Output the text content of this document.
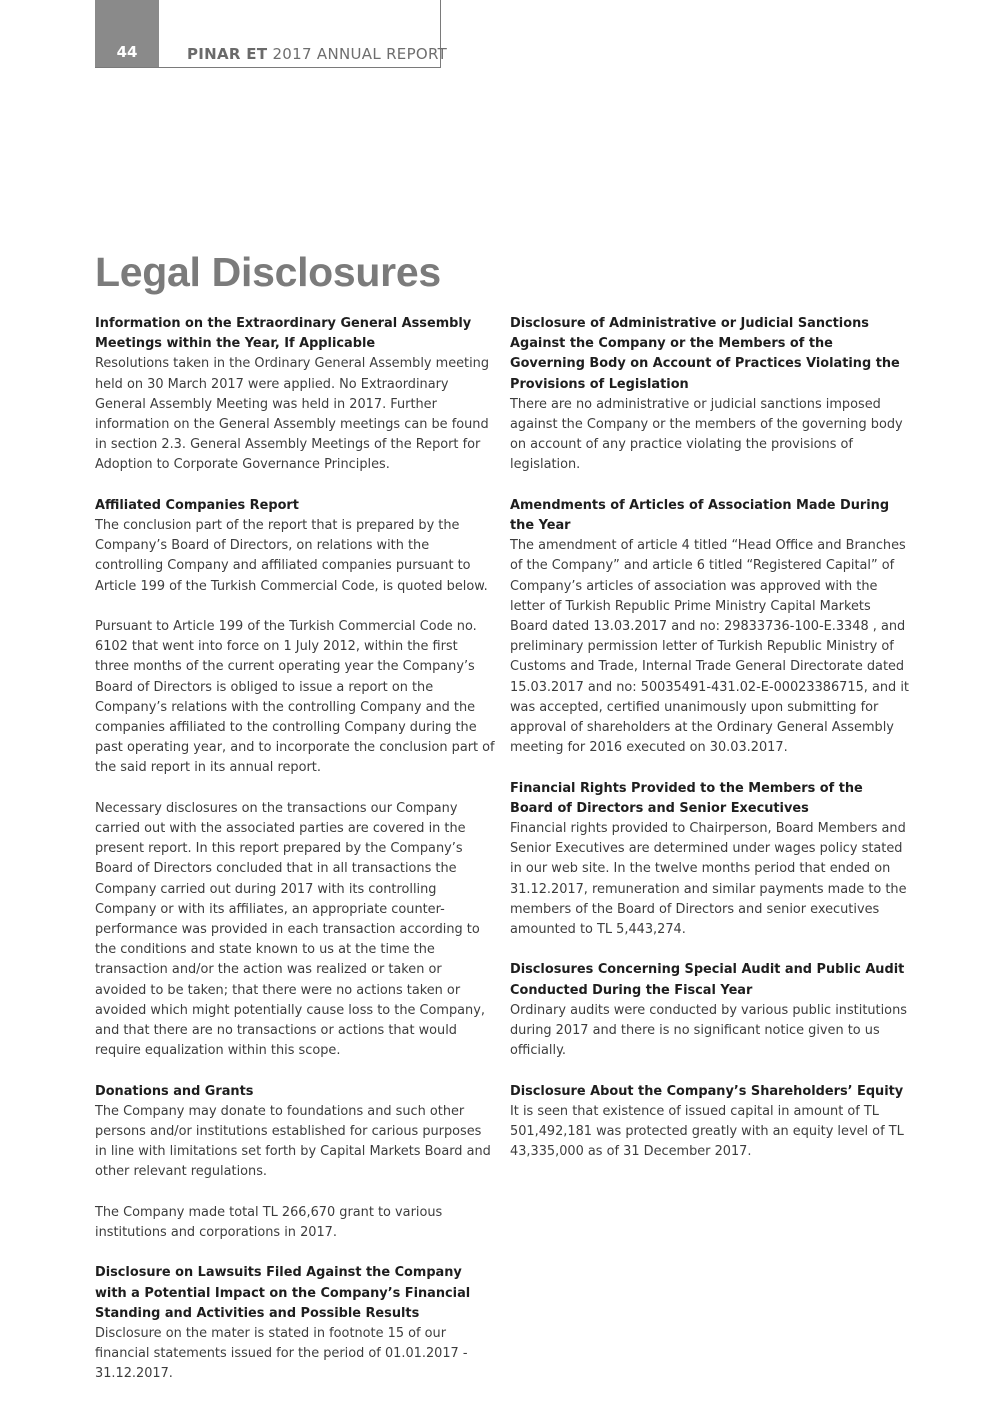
44	PINAR ET 2017 ANNUAL REPORT
Legal Disclosures
Information on the Extraordinary General Assembly Meetings within the Year, If Applicable

Resolutions taken in the Ordinary General Assembly meeting held on 30 March 2017 were applied. No Extraordinary General Assembly Meeting was held in 2017. Further information on the General Assembly meetings can be found in section 2.3. General Assembly Meetings of the Report for Adoption to Corporate Governance Principles.

Affiliated Companies Report

The conclusion part of the report that is prepared by the Company’s Board of Directors, on relations with the controlling Company and affiliated companies pursuant to Article 199 of the Turkish Commercial Code, is quoted below.

Pursuant to Article 199 of the Turkish Commercial Code no. 6102 that went into force on 1 July 2012, within the first three months of the current operating year the Company’s Board of Directors is obliged to issue a report on the Company’s relations with the controlling Company and the companies affiliated to the controlling Company during the past operating year, and to incorporate the conclusion part of the said report in its annual report.

Necessary disclosures on the transactions our Company carried out with the associated parties are covered in the present report. In this report prepared by the Company’s Board of Directors concluded that in all transactions the Company carried out during 2017 with its controlling Company or with its affiliates, an appropriate counter-performance was provided in each transaction according to the conditions and state known to us at the time the transaction and/or the action was realized or taken or avoided to be taken; that there were no actions taken or avoided which might potentially cause loss to the Company, and that there are no transactions or actions that would require equalization within this scope.

Donations and Grants

The Company may donate to foundations and such other persons and/or institutions established for carious purposes in line with limitations set forth by Capital Markets Board and other relevant regulations.

The Company made total TL 266,670 grant to various institutions and corporations in 2017.

Disclosure on Lawsuits Filed Against the Company with a Potential Impact on the Company’s Financial Standing and Activities and Possible Results

Disclosure on the mater is stated in footnote 15 of our financial statements issued for the period of 01.01.2017 - 31.12.2017.

Disclosure of Administrative or Judicial Sanctions Against the Company or the Members of the Governing Body on Account of Practices Violating the Provisions of Legislation

There are no administrative or judicial sanctions imposed against the Company or the members of the governing body on account of any practice violating the provisions of legislation.

Amendments of Articles of Association Made During the Year

The amendment of article 4 titled “Head Office and Branches of the Company” and article 6 titled “Registered Capital” of Company’s articles of association was approved with the letter of Turkish Republic Prime Ministry Capital Markets Board dated 13.03.2017 and no: 29833736-100-E.3348 , and preliminary permission letter of Turkish Republic Ministry of Customs and Trade, Internal Trade General Directorate dated 15.03.2017 and no: 50035491-431.02-E-00023386715, and it was accepted, certified unanimously upon submitting for approval of shareholders at the Ordinary General Assembly meeting for 2016 executed on 30.03.2017.

Financial Rights Provided to the Members of the Board of Directors and Senior Executives

Financial rights provided to Chairperson, Board Members and Senior Executives are determined under wages policy stated in our web site. In the twelve months period that ended on 31.12.2017, remuneration and similar payments made to the members of the Board of Directors and senior executives amounted to TL 5,443,274.

Disclosures Concerning Special Audit and Public Audit Conducted During the Fiscal Year

Ordinary audits were conducted by various public institutions during 2017 and there is no significant notice given to us officially.

Disclosure About the Company’s Shareholders’ Equity

It is seen that existence of issued capital in amount of TL 501,492,181 was protected greatly with an equity level of TL 43,335,000 as of 31 December 2017.
